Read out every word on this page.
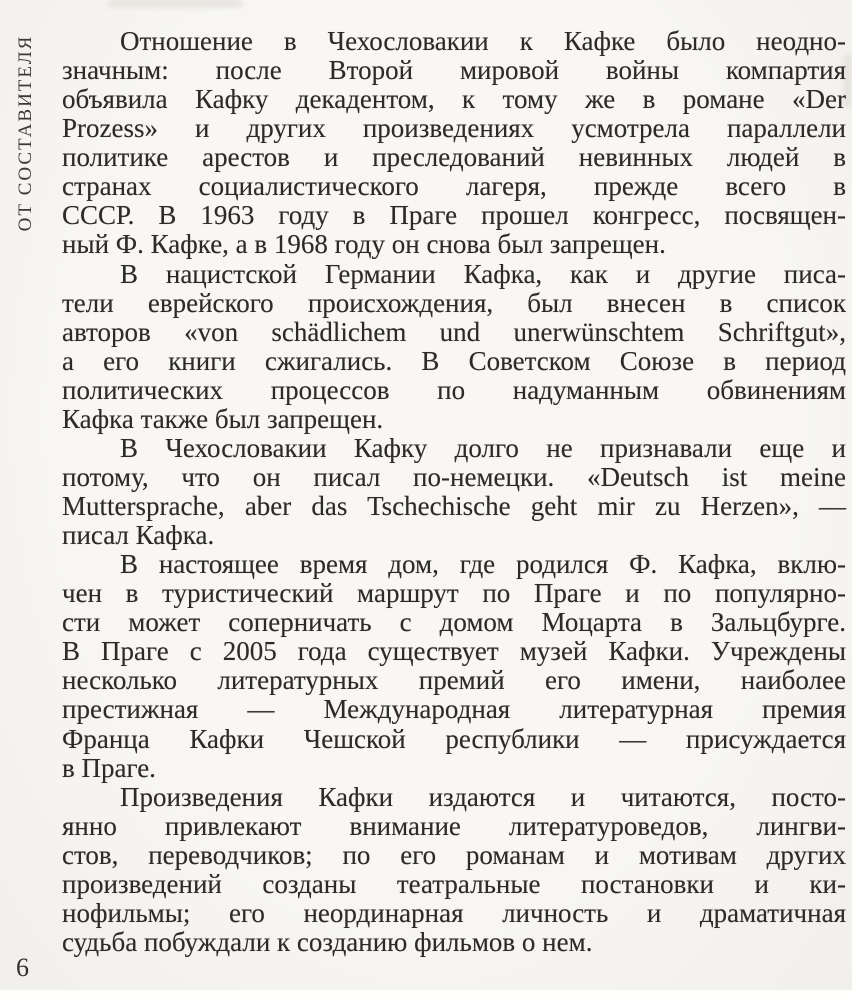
ОТ СОСТАВИТЕЛЯ	Отношение в Чехословакии к Кафке было неодно-
значным: после Второй мировой войны компартия
объявила Кафку декадентом, к тому же в романе «Der
Prozess» и других произведениях усмотрела параллели
политике арестов и преследований невинных людей в
странах социалистического лагеря, прежде всего в
СССР. В 1963 году в Праге прошел конгресс, посвящен-
ный Ф. Кафке, а в 1968 году он снова был запрещен.

В нацистской Германии Кафка, как и другие писа-
тели еврейского происхождения, был внесен в список
авторов «von schädlichem und unerwünschtem Schriftgut»,
а его книги сжигались. В Советском Союзе в период
политических процессов по надуманным обвинениям
Кафка также был запрещен.

В Чехословакии Кафку долго не признавали еще и
потому, что он писал по-немецки. «Deutsch ist meine
Muttersprache, aber das Tschechische geht mir zu Herzen», —
писал Кафка.

В настоящее время дом, где родился Ф. Кафка, вклю-
чен в туристический маршрут по Праге и по популярно-
сти может соперничать с домом Моцарта в Зальцбурге.
В Праге с 2005 года существует музей Кафки. Учреждены
несколько литературных премий его имени, наиболее
престижная — Международная литературная премия
Франца Кафки Чешской республики — присуждается
в Праге.

Произведения Кафки издаются и читаются, посто-
янно привлекают внимание литературоведов, лингви-
стов, переводчиков; по его романам и мотивам других
произведений созданы театральные постановки и ки-
нофильмы; его неординарная личность и драматичная
судьба побуждали к созданию фильмов о нем.

6
